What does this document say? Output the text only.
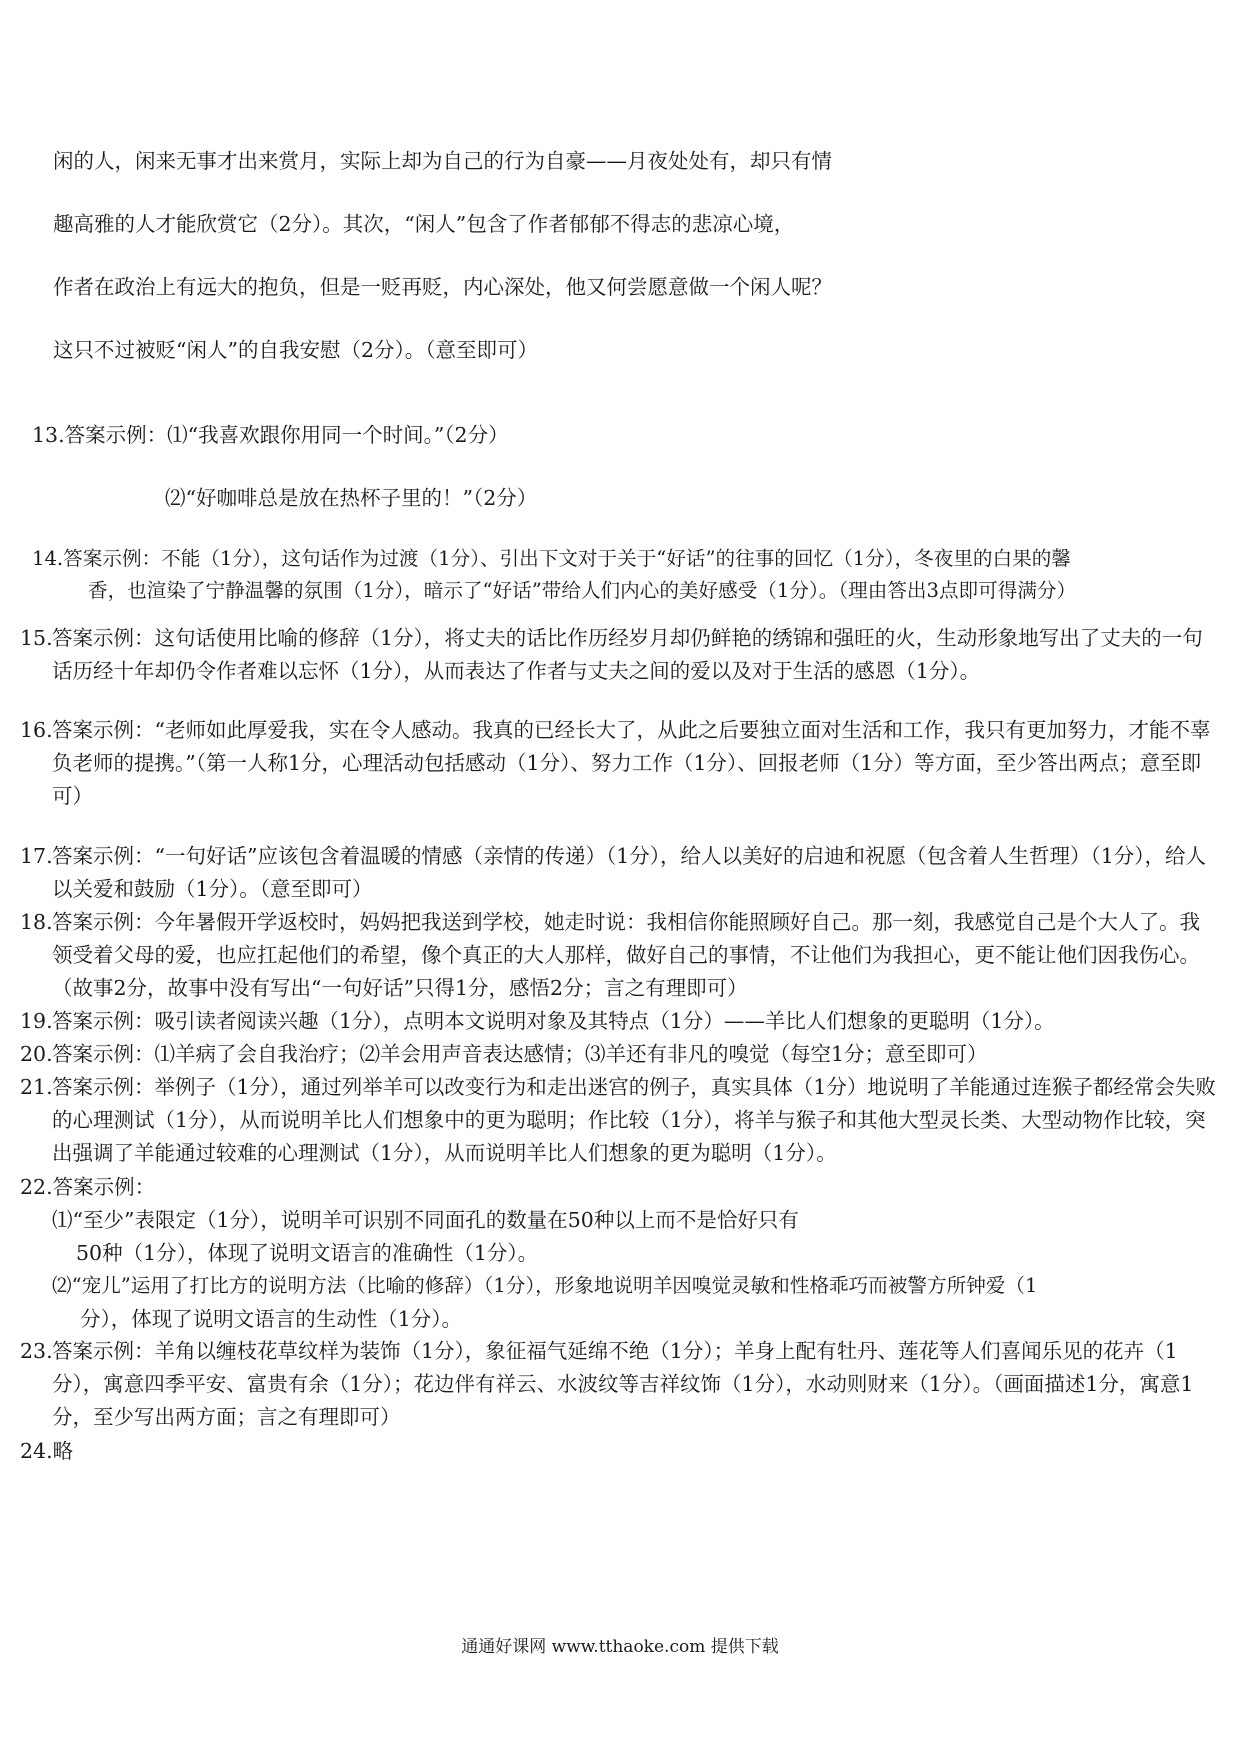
闲的人，闲来无事才出来赏月，实际上却为自己的行为自豪——月夜处处有，却只有情
趣高雅的人才能欣赏它（2分）。其次，“闲人”包含了作者郁郁不得志的悲凉心境，
作者在政治上有远大的抱负，但是一贬再贬，内心深处，他又何尝愿意做一个闲人呢？
这只不过被贬“闲人”的自我安慰（2分）。（意至即可）
13.答案示例：⑴“我喜欢跟你用同一个时间。”（2分）
⑵“好咖啡总是放在热杯子里的！”（2分）
14.答案示例：不能（1分），这句话作为过渡（1分）、引出下文对于关于“好话”的往事的回忆（1分），冬夜里的白果的馨
香，也渲染了宁静温馨的氛围（1分），暗示了“好话”带给人们内心的美好感受（1分）。（理由答出3点即可得满分）
15. 答案示例：这句话使用比喻的修辞（1分），将丈夫的话比作历经岁月却仍鲜艳的绣锦和强旺的火，生动形象地写出了丈夫的一句话历经十年却仍令作者难以忘怀（1分），从而表达了作者与丈夫之间的爱以及对于生活的感恩（1分）。
16. 答案示例：“老师如此厚爱我，实在令人感动。我真的已经长大了，从此之后要独立面对生活和工作，我只有更加努力，才能不辜负老师的提携。”（第一人称1分，心理活动包括感动（1分）、努力工作（1分）、回报老师（1分）等方面，至少答出两点；意至即可）
17. 答案示例：“一句好话”应该包含着温暖的情感（亲情的传递）（1分），给人以美好的启迪和祝愿（包含着人生哲理）（1分），给人以关爱和鼓励（1分）。（意至即可）
18. 答案示例：今年暑假开学返校时，妈妈把我送到学校，她走时说：我相信你能照顾好自己。那一刻，我感觉自己是个大人了。我领受着父母的爱，也应扛起他们的希望，像个真正的大人那样，做好自己的事情，不让他们为我担心，更不能让他们因我伤心。（故事2分，故事中没有写出“一句好话”只得1分，感悟2分；言之有理即可）
19. 答案示例：吸引读者阅读兴趣（1分），点明本文说明对象及其特点（1分）——羊比人们想象的更聪明（1分）。
20. 答案示例：⑴羊病了会自我治疗；⑵羊会用声音表达感情；⑶羊还有非凡的嗅觉（每空1分；意至即可）
21. 答案示例：举例子（1分），通过列举羊可以改变行为和走出迷宫的例子，真实具体（1分）地说明了羊能通过连猴子都经常会失败的心理测试（1分），从而说明羊比人们想象中的更为聪明；作比较（1分），将羊与猴子和其他大型灵长类、大型动物作比较，突出强调了羊能通过较难的心理测试（1分），从而说明羊比人们想象的更为聪明（1分）。
22.答案示例：
⑴“至少”表限定（1分），说明羊可识别不同面孔的数量在50种以上而不是恰好只有
50种（1分），体现了说明文语言的准确性（1分）。
⑵“宠儿”运用了打比方的说明方法（比喻的修辞）（1分），形象地说明羊因嗅觉灵敏和性格乖巧而被警方所钟爱（1
分），体现了说明文语言的生动性（1分）。
23. 答案示例：羊角以缠枝花草纹样为装饰（1分），象征福气延绵不绝（1分）；羊身上配有牡丹、莲花等人们喜闻乐见的花卉（1分），寓意四季平安、富贵有余（1分）；花边伴有祥云、水波纹等吉祥纹饰（1分），水动则财来（1分）。（画面描述1分，寓意1分，至少写出两方面；言之有理即可）
24.略
通通好课网 www.tthaoke.com 提供下载
